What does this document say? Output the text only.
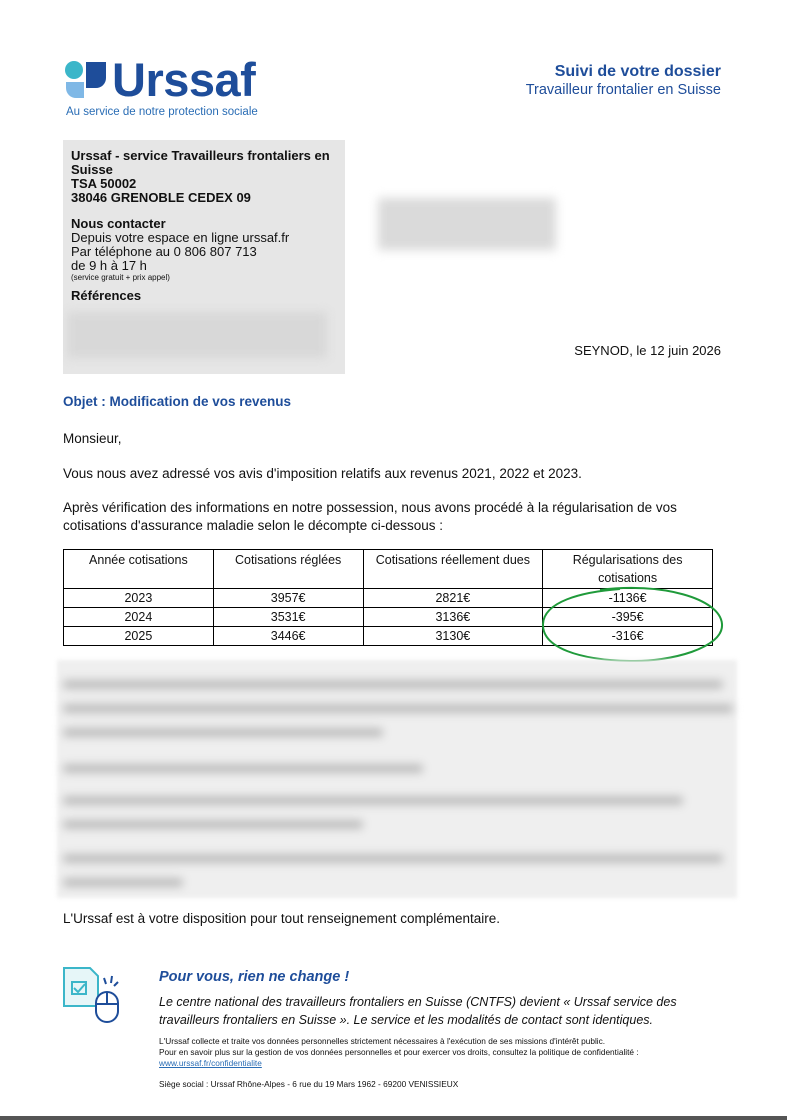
Urssaf
Au service de notre protection sociale
Suivi de votre dossier
Travailleur frontalier en Suisse
Urssaf - service Travailleurs frontaliers en Suisse
TSA 50002
38046 GRENOBLE CEDEX 09
Nous contacter
Depuis votre espace en ligne urssaf.fr
Par téléphone au 0 806 807 713
de 9 h à 17 h
(service gratuit + prix appel)
Références
SEYNOD, le 12 juin 2026
Objet : Modification de vos revenus
Monsieur,
Vous nous avez adressé vos avis d'imposition relatifs aux revenus 2021, 2022 et 2023.
Après vérification des informations en notre possession, nous avons procédé à la régularisation de vos cotisations d'assurance maladie selon le décompte ci-dessous :
Année cotisations	Cotisations réglées	Cotisations réellement dues	Régularisations des cotisations
2023	3957€	2821€	-1136€
2024	3531€	3136€	-395€
2025	3446€	3130€	-316€
L'Urssaf est à votre disposition pour tout renseignement complémentaire.
Pour vous, rien ne change !
Le centre national des travailleurs frontaliers en Suisse (CNTFS) devient « Urssaf service des travailleurs frontaliers en Suisse ». Le service et les modalités de contact sont identiques.
L'Urssaf collecte et traite vos données personnelles strictement nécessaires à l'exécution de ses missions d'intérêt public.
Pour en savoir plus sur la gestion de vos données personnelles et pour exercer vos droits, consultez la politique de confidentialité :
www.urssaf.fr/confidentialite
Siège social : Urssaf Rhône-Alpes - 6 rue du 19 Mars 1962 - 69200 VENISSIEUX
